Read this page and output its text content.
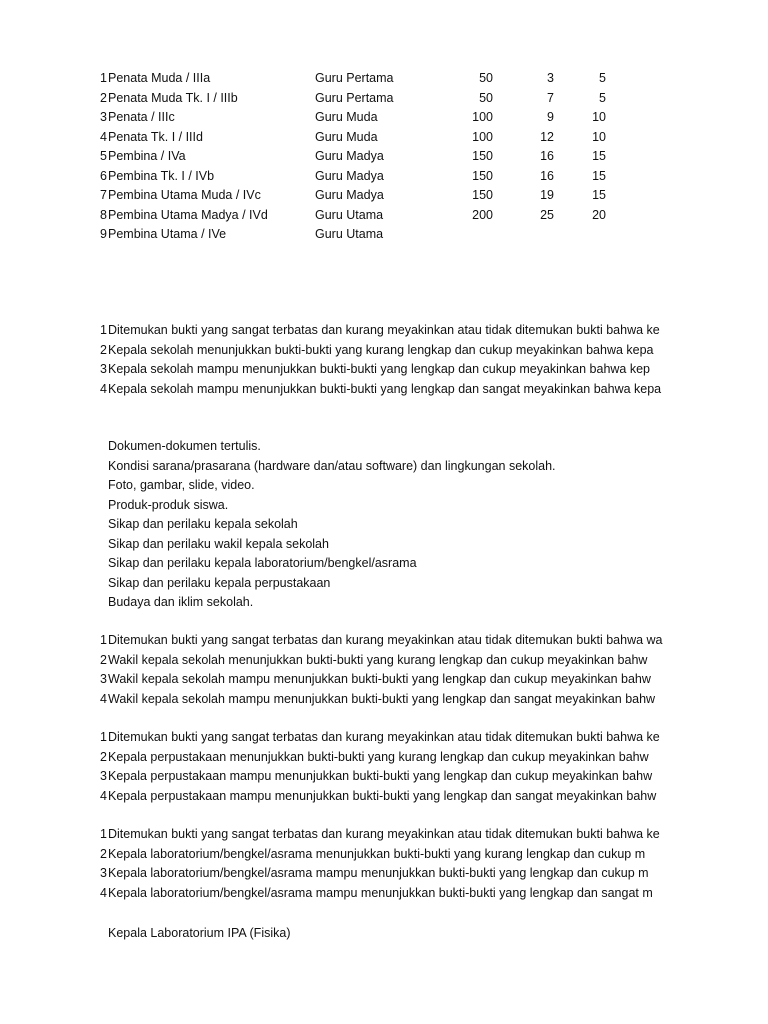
1 Penata Muda / IIIa	Guru Pertama	50	3	5
2 Penata Muda Tk. I / IIIb	Guru Pertama	50	7	5
3 Penata / IIIc	Guru Muda	100	9	10
4 Penata Tk. I / IIId	Guru Muda	100	12	10
5 Pembina / IVa	Guru Madya	150	16	15
6 Pembina Tk. I / IVb	Guru Madya	150	16	15
7 Pembina Utama Muda / IVc	Guru Madya	150	19	15
8 Pembina Utama Madya / IVd	Guru Utama	200	25	20
9 Pembina Utama / IVe	Guru Utama
1 Ditemukan bukti yang sangat terbatas dan kurang meyakinkan atau tidak ditemukan bukti bahwa ke
2 Kepala sekolah menunjukkan bukti-bukti yang kurang lengkap dan cukup meyakinkan bahwa kepa
3 Kepala sekolah mampu menunjukkan bukti-bukti yang lengkap dan cukup meyakinkan bahwa kep
4 Kepala sekolah mampu menunjukkan bukti-bukti yang lengkap dan sangat meyakinkan bahwa kepa
Dokumen-dokumen tertulis.
Kondisi sarana/prasarana (hardware dan/atau software) dan lingkungan sekolah.
Foto, gambar, slide, video.
Produk-produk siswa.
Sikap dan perilaku kepala sekolah
Sikap dan perilaku wakil kepala sekolah
Sikap dan perilaku kepala laboratorium/bengkel/asrama
Sikap dan perilaku kepala perpustakaan
Budaya dan iklim sekolah.
1 Ditemukan bukti yang sangat terbatas dan kurang meyakinkan atau tidak ditemukan bukti bahwa wa
2 Wakil kepala sekolah menunjukkan bukti-bukti yang kurang lengkap dan cukup meyakinkan bahw
3 Wakil kepala sekolah mampu menunjukkan bukti-bukti yang lengkap dan cukup meyakinkan bahw
4 Wakil kepala sekolah mampu menunjukkan bukti-bukti yang lengkap dan sangat meyakinkan bahw
1 Ditemukan bukti yang sangat terbatas dan kurang meyakinkan atau tidak ditemukan bukti bahwa ke
2 Kepala perpustakaan menunjukkan bukti-bukti yang kurang lengkap dan cukup meyakinkan bahw
3 Kepala perpustakaan mampu menunjukkan bukti-bukti yang lengkap dan cukup meyakinkan bahw
4 Kepala perpustakaan mampu menunjukkan bukti-bukti yang lengkap dan sangat meyakinkan bahw
1 Ditemukan bukti yang sangat terbatas dan kurang meyakinkan atau tidak ditemukan bukti bahwa ke
2 Kepala laboratorium/bengkel/asrama menunjukkan bukti-bukti yang kurang lengkap dan cukup m
3 Kepala laboratorium/bengkel/asrama mampu menunjukkan bukti-bukti yang lengkap dan cukup m
4 Kepala laboratorium/bengkel/asrama mampu menunjukkan bukti-bukti yang lengkap dan sangat m
Kepala Laboratorium IPA (Fisika)
